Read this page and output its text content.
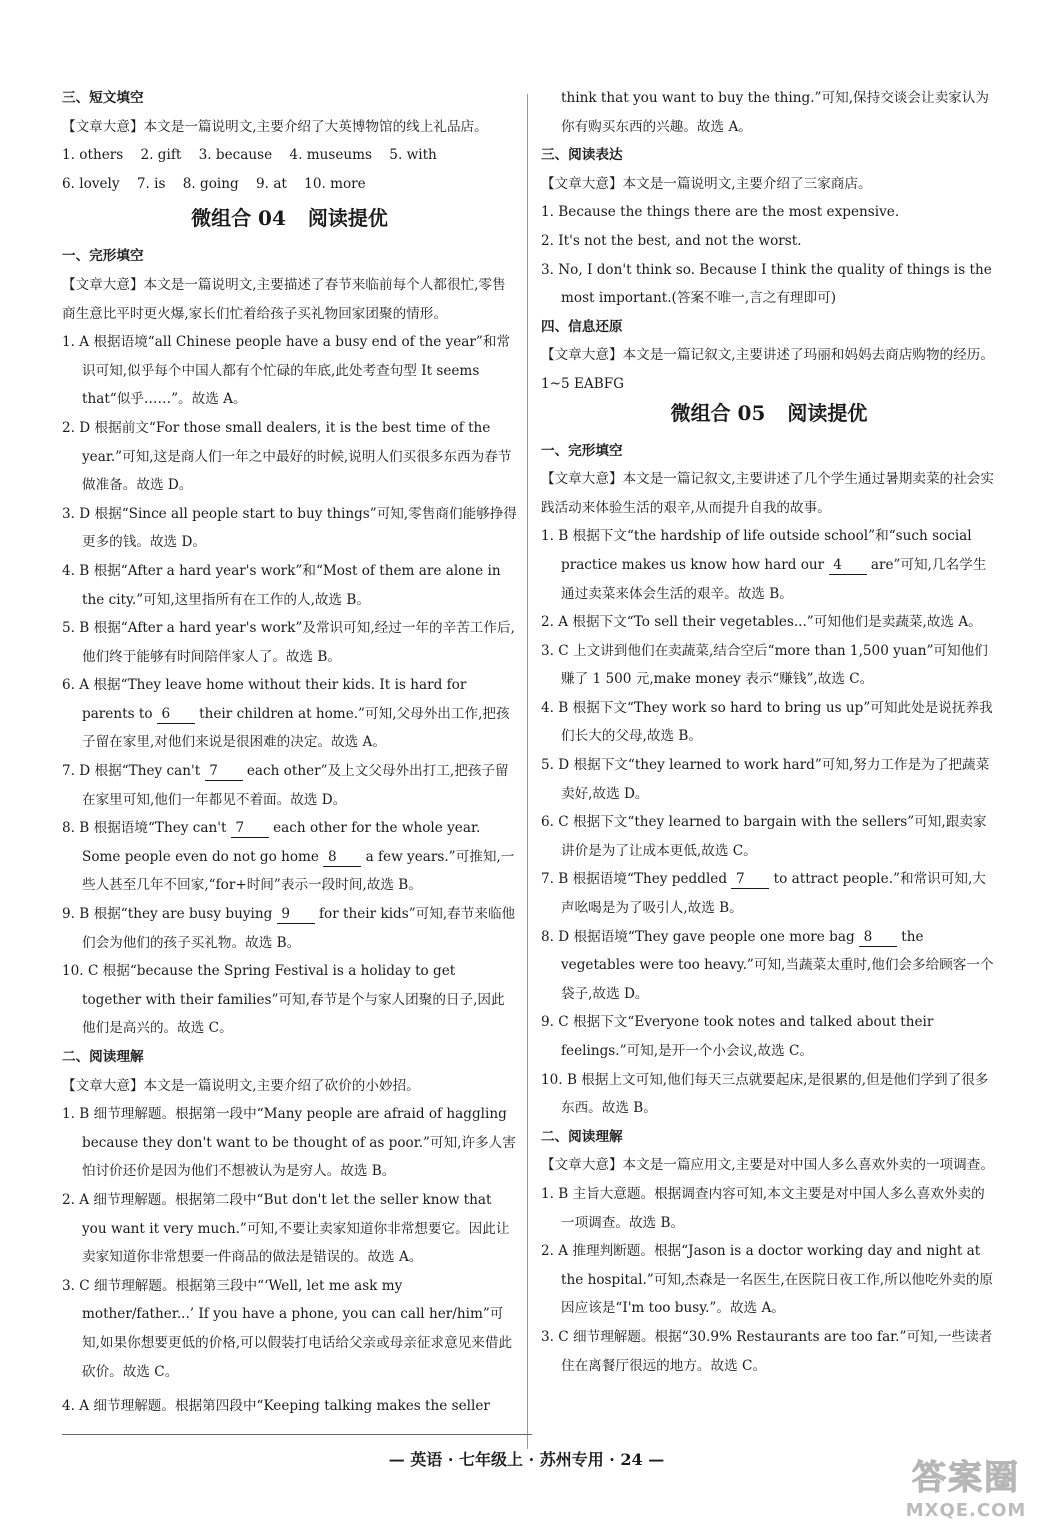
三、短文填空
【文章大意】本文是一篇说明文,主要介绍了大英博物馆的线上礼品店。
1. others    2. gift    3. because    4. museums    5. with
6. lovely    7. is    8. going    9. at    10. more
微组合 04 阅读提优
一、完形填空
【文章大意】本文是一篇说明文,主要描述了春节来临前每个人都很忙,零售商生意比平时更火爆,家长们忙着给孩子买礼物回家团聚的情形。
1. A 根据语境“all Chinese people have a busy end of the year”和常识可知,似乎每个中国人都有个忙碌的年底,此处考查句型 It seems that“似乎……”。故选 A。
2. D 根据前文“For those small dealers, it is the best time of the year.”可知,这是商人们一年之中最好的时候,说明人们买很多东西为春节做准备。故选 D。
3. D 根据“Since all people start to buy things”可知,零售商们能够挣得更多的钱。故选 D。
4. B 根据“After a hard year's work”和“Most of them are alone in the city.”可知,这里指所有在工作的人,故选 B。
5. B 根据“After a hard year's work”及常识可知,经过一年的辛苦工作后,他们终于能够有时间陪伴家人了。故选 B。
6. A 根据“They leave home without their kids. It is hard for parents to 6 their children at home.”可知,父母外出工作,把孩子留在家里,对他们来说是很困难的决定。故选 A。
7. D 根据“They can't 7 each other”及上文父母外出打工,把孩子留在家里可知,他们一年都见不着面。故选 D。
8. B 根据语境“They can't 7 each other for the whole year. Some people even do not go home 8 a few years.”可推知,一些人甚至几年不回家,“for+时间”表示一段时间,故选 B。
9. B 根据“they are busy buying 9 for their kids”可知,春节来临他们会为他们的孩子买礼物。故选 B。
10. C 根据“because the Spring Festival is a holiday to get together with their families”可知,春节是个与家人团聚的日子,因此他们是高兴的。故选 C。
二、阅读理解
【文章大意】本文是一篇说明文,主要介绍了砍价的小妙招。
1. B 细节理解题。根据第一段中“Many people are afraid of haggling because they don't want to be thought of as poor.”可知,许多人害怕讨价还价是因为他们不想被认为是穷人。故选 B。
2. A 细节理解题。根据第二段中“But don't let the seller know that you want it very much.”可知,不要让卖家知道你非常想要它。因此让卖家知道你非常想要一件商品的做法是错误的。故选 A。
3. C 细节理解题。根据第三段中“‘Well, let me ask my mother/father...’ If you have a phone, you can call her/him”可知,如果你想要更低的价格,可以假装打电话给父亲或母亲征求意见来借此砍价。故选 C。
4. A 细节理解题。根据第四段中“Keeping talking makes the seller
think that you want to buy the thing.”可知,保持交谈会让卖家认为你有购买东西的兴趣。故选 A。
三、阅读表达
【文章大意】本文是一篇说明文,主要介绍了三家商店。
1. Because the things there are the most expensive.
2. It's not the best, and not the worst.
3. No, I don't think so. Because I think the quality of things is the most important.(答案不唯一,言之有理即可)
四、信息还原
【文章大意】本文是一篇记叙文,主要讲述了玛丽和妈妈去商店购物的经历。
1~5 EABFG
微组合 05 阅读提优
一、完形填空
【文章大意】本文是一篇记叙文,主要讲述了几个学生通过暑期卖菜的社会实践活动来体验生活的艰辛,从而提升自我的故事。
1. B 根据下文“the hardship of life outside school”和“such social practice makes us know how hard our 4 are”可知,几名学生通过卖菜来体会生活的艰辛。故选 B。
2. A 根据下文“To sell their vegetables...”可知他们是卖蔬菜,故选 A。
3. C 上文讲到他们在卖蔬菜,结合空后“more than 1,500 yuan”可知他们赚了 1 500 元,make money 表示“赚钱”,故选 C。
4. B 根据下文“They work so hard to bring us up”可知此处是说抚养我们长大的父母,故选 B。
5. D 根据下文“they learned to work hard”可知,努力工作是为了把蔬菜卖好,故选 D。
6. C 根据下文“they learned to bargain with the sellers”可知,跟卖家讲价是为了让成本更低,故选 C。
7. B 根据语境“They peddled 7 to attract people.”和常识可知,大声吆喝是为了吸引人,故选 B。
8. D 根据语境“They gave people one more bag 8 the vegetables were too heavy.”可知,当蔬菜太重时,他们会多给顾客一个袋子,故选 D。
9. C 根据下文“Everyone took notes and talked about their feelings.”可知,是开一个小会议,故选 C。
10. B 根据上文可知,他们每天三点就要起床,是很累的,但是他们学到了很多东西。故选 B。
二、阅读理解
【文章大意】本文是一篇应用文,主要是对中国人多么喜欢外卖的一项调查。
1. B 主旨大意题。根据调查内容可知,本文主要是对中国人多么喜欢外卖的一项调查。故选 B。
2. A 推理判断题。根据“Jason is a doctor working day and night at the hospital.”可知,杰森是一名医生,在医院日夜工作,所以他吃外卖的原因应该是“I'm too busy.”。故选 A。
3. C 细节理解题。根据“30.9% Restaurants are too far.”可知,一些读者住在离餐厅很远的地方。故选 C。
— 英语 · 七年级上 · 苏州专用 · 24 —	答案圈
MXQE.COM
